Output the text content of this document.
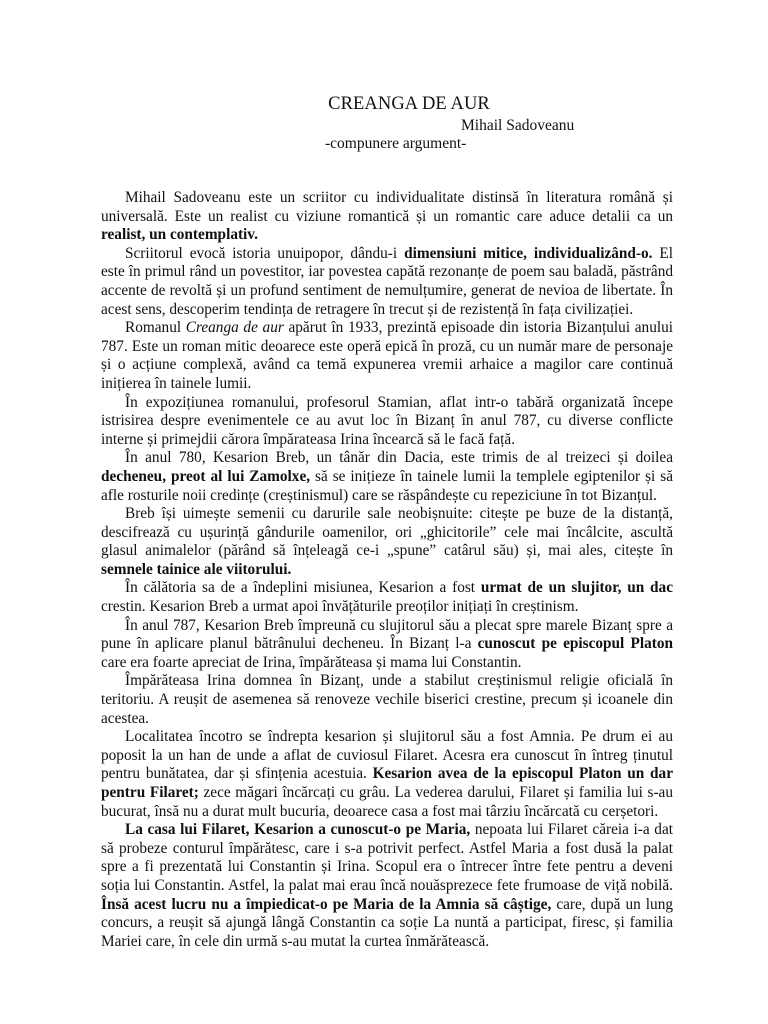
CREANGA DE AUR
Mihail Sadoveanu
-compunere argument-

Mihail Sadoveanu este un scriitor cu individualitate distinsă în literatura română și universală. Este un realist cu viziune romantică și un romantic care aduce detalii ca un realist, un contemplativ.

Scriitorul evocă istoria unuipopor, dându-i dimensiuni mitice, individualizând-o. El este în primul rând un povestitor, iar povestea capătă rezonanțe de poem sau baladă, păstrând accente de revoltă și un profund sentiment de nemulțumire, generat de nevioa de libertate. În acest sens, descoperim tendința de retragere în trecut și de rezistență în fața civilizației.

Romanul Creanga de aur apărut în 1933, prezintă episoade din istoria Bizanțului anului 787. Este un roman mitic deoarece este operă epică în proză, cu un număr mare de personaje și o acțiune complexă, având ca temă expunerea vremii arhaice a magilor care continuă inițierea în tainele lumii.

În expozițiunea romanului, profesorul Stamian, aflat intr-o tabără organizată începe istrisirea despre evenimentele ce au avut loc în Bizanț în anul 787, cu diverse conflicte interne și primejdii cărora împărateasa Irina încearcă să le facă față.

În anul 780, Kesarion Breb, un tânăr din Dacia, este trimis de al treizeci și doilea decheneu, preot al lui Zamolxe, să se inițieze în tainele lumii la templele egiptenilor și să afle rosturile noii credințe (creștinismul) care se răspândește cu repeziciune în tot Bizanțul.

Breb își uimește semenii cu darurile sale neobișnuite: citește pe buze de la distanță, descifrează cu ușurință gândurile oamenilor, ori „ghicitorile” cele mai încâlcite, ascultă glasul animalelor (părând să înțeleagă ce-i „spune” catârul său) și, mai ales, citește în semnele tainice ale viitorului.

În călătoria sa de a îndeplini misiunea, Kesarion a fost urmat de un slujitor, un dac crestin. Kesarion Breb a urmat apoi învățăturile preoților inițiați în creștinism.

În anul 787, Kesarion Breb împreună cu slujitorul său a plecat spre marele Bizanț spre a pune în aplicare planul bătrânului decheneu. În Bizanț l-a cunoscut pe episcopul Platon care era foarte apreciat de Irina, împărăteasa și mama lui Constantin.

Împărăteasa Irina domnea în Bizanț, unde a stabilut creștinismul religie oficială în teritoriu. A reușit de asemenea să renoveze vechile biserici crestine, precum și icoanele din acestea.

Localitatea încotro se îndrepta kesarion și slujitorul său a fost Amnia. Pe drum ei au poposit la un han de unde a aflat de cuviosul Filaret. Acesra era cunoscut în întreg ținutul pentru bunătatea, dar și sfințenia acestuia. Kesarion avea de la episcopul Platon un dar pentru Filaret; zece măgari încărcați cu grâu. La vederea darului, Filaret și familia lui s-au bucurat, însă nu a durat mult bucuria, deoarece casa a fost mai târziu încărcată cu cerșetori.

La casa lui Filaret, Kesarion a cunoscut-o pe Maria, nepoata lui Filaret căreia i-a dat să probeze conturul împărătesc, care i s-a potrivit perfect. Astfel Maria a fost dusă la palat spre a fi prezentată lui Constantin și Irina. Scopul era o întrecer între fete pentru a deveni soția lui Constantin. Astfel, la palat mai erau încă nouăsprezece fete frumoase de viță nobilă. Însă acest lucru nu a împiedicat-o pe Maria de la Amnia să câștige, care, după un lung concurs, a reușit să ajungă lângă Constantin ca soție La nuntă a participat, firesc, și familia Mariei care, în cele din urmă s-au mutat la curtea înmărătească.
